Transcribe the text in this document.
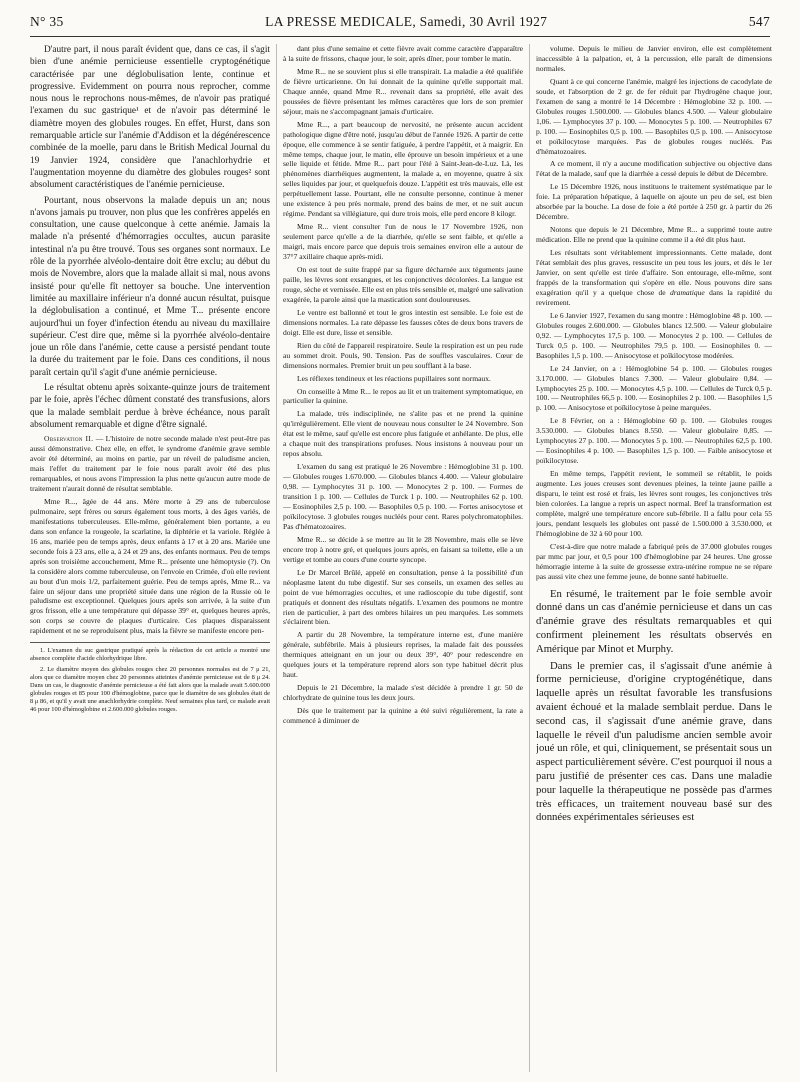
N° 35	LA PRESSE MEDICALE, Samedi, 30 Avril 1927	547

D'autre part, il nous paraît évident que, dans ce cas, il s'agit bien d'une anémie pernicieuse essentielle cryptogénétique caractérisée par une déglobulisation lente, continue et progressive. Evidemment on pourra nous reprocher, comme nous nous le reprochons nous-mêmes, de n'avoir pas pratiqué l'examen du suc gastrique¹ et de n'avoir pas déterminé le diamètre moyen des globules rouges. En effet, Hurst, dans son remarquable article sur l'anémie d'Addison et la dégénérescence combinée de la moelle, paru dans le British Medical Journal du 19 Janvier 1924, considère que l'anachlorhydrie et l'augmentation moyenne du diamètre des globules rouges² sont absolument caractéristiques de l'anémie pernicieuse.

Pourtant, nous observons la malade depuis un an; nous n'avons jamais pu trouver, non plus que les confrères appelés en consultation, une cause quelconque à cette anémie. Jamais la malade n'a présenté d'hémorragies occultes, aucun parasite intestinal n'a pu être trouvé. Tous ses organes sont normaux. Le rôle de la pyorrhée alvéolo-dentaire doit être exclu; au début du mois de Novembre, alors que la malade allait si mal, nous avons insisté pour qu'elle fît nettoyer sa bouche. Une intervention limitée au maxillaire inférieur n'a donné aucun résultat, puisque la déglobulisation a continué, et Mme T... présente encore aujourd'hui un foyer d'infection étendu au niveau du maxillaire supérieur. C'est dire que, même si la pyorrhée alvéolo-dentaire joue un rôle dans l'anémie, cette cause a persisté pendant toute la durée du traitement par le foie. Dans ces conditions, il nous paraît certain qu'il s'agit d'une anémie pernicieuse.

Le résultat obtenu après soixante-quinze jours de traitement par le foie, après l'échec dûment constaté des transfusions, alors que la malade semblait perdue à brève échéance, nous paraît absolument remarquable et digne d'être signalé.

Observation II. — L'histoire de notre seconde malade n'est peut-être pas aussi démonstrative. Chez elle, en effet, le syndrome d'anémie grave semble avoir été déterminé, au moins en partie, par un réveil de paludisme ancien, mais l'effet du traitement par le foie nous paraît avoir été des plus remarquables, et nous avons l'impression la plus nette qu'aucun autre mode de traitement n'aurait donné de résultat semblable.

Mme R..., âgée de 44 ans. Mère morte à 29 ans de tuberculose pulmonaire, sept frères ou sœurs également tous morts, à des âges variés, de manifestations tuberculeuses. Elle-même, généralement bien portante, a eu dans son enfance la rougeole, la scarlatine, la diphtérie et la variole. Réglée à 16 ans, mariée peu de temps après, deux enfants à 17 et à 20 ans. Mariée une seconde fois à 23 ans, elle a, à 24 et 29 ans, des enfants normaux. Peu de temps après son troisième accouchement, Mme R... présente une hémoptysie (?). On la considère alors comme tuberculeuse, on l'envoie en Crimée, d'où elle revient au bout d'un mois 1/2, parfaitement guérie. Peu de temps après, Mme R... va faire un séjour dans une propriété située dans une région de la Russie où le paludisme est exceptionnel. Quelques jours après son arrivée, à la suite d'un gros frisson, elle a une température qui dépasse 39° et, quelques heures après, son corps se couvre de plaques d'urticaire. Ces plaques disparaissent rapidement et ne se reproduisent plus, mais la fièvre se manifeste encore pen-

1. L'examen du suc gastrique pratiqué après la rédaction de cet article a montré une absence complète d'acide chlorhydrique libre.

2. Le diamètre moyen des globules rouges chez 20 personnes normales est de 7 μ 21, alors que ce diamètre moyen chez 20 personnes atteintes d'anémie pernicieuse est de 8 μ 24. Dans un cas, le diagnostic d'anémie pernicieuse a été fait alors que la malade avait 5.600.000 globules rouges et 85 pour 100 d'hémoglobine, parce que le diamètre de ses globules était de 8 μ 86, et qu'il y avait une anachlorhydrie complète. Neuf semaines plus tard, ce malade avait 46 pour 100 d'hémoglobine et 2.600.000 globules rouges.

dant plus d'une semaine et cette fièvre avait comme caractère d'apparaître à la suite de frissons, chaque jour, le soir, après dîner, pour tomber le matin.

Mme R... ne se souvient plus si elle transpirait. La maladie a été qualifiée de fièvre urticarienne. On lui donnait de la quinine qu'elle supportait mal. Chaque année, quand Mme R... revenait dans sa propriété, elle avait des poussées de fièvre présentant les mêmes caractères que lors de son premier séjour, mais ne s'accompagnant jamais d'urticaire.

Mme R..., a part beaucoup de nervosité, ne présente aucun accident pathologique digne d'être noté, jusqu'au début de l'année 1926. A partir de cette époque, elle commence à se sentir fatiguée, à perdre l'appétit, et à maigrir. En même temps, chaque jour, le matin, elle éprouve un besoin impérieux et a une selle liquide et fétide. Mme R... part pour l'été à Saint-Jean-de-Luz. Là, les phénomènes diarrhéiques augmentent, la malade a, en moyenne, quatre à six selles liquides par jour, et quelquefois douze. L'appétit est très mauvais, elle est perpétuellement lasse. Pourtant, elle ne consulte personne, continue à mener une existence à peu près normale, prend des bains de mer, et ne suit aucun régime. Pendant sa villégiature, qui dure trois mois, elle perd encore 8 kilogr.

Mme R... vient consulter l'un de nous le 17 Novembre 1926, non seulement parce qu'elle a de la diarrhée, qu'elle se sent faible, et qu'elle a maigri, mais encore parce que depuis trois semaines environ elle a autour de 37°7 axillaire chaque après-midi.

On est tout de suite frappé par sa figure décharnée aux téguments jaune paille, les lèvres sont exsangues, et les conjonctives décolorées. La langue est rouge, sèche et vernissée. Elle est en plus très sensible et, malgré une salivation exagérée, la parole ainsi que la mastication sont douloureuses.

Le ventre est ballonné et tout le gros intestin est sensible. Le foie est de dimensions normales. La rate dépasse les fausses côtes de deux bons travers de doigt. Elle est dure, lisse et sensible.

Rien du côté de l'appareil respiratoire. Seule la respiration est un peu rude au sommet droit. Pouls, 90. Tension. Pas de souffles vasculaires. Cœur de dimensions normales. Premier bruit un peu soufflant à la base.

Les réflexes tendineux et les réactions pupillaires sont normaux.

On conseille à Mme R... le repos au lit et un traitement symptomatique, en particulier la quinine.

La malade, très indisciplinée, ne s'alite pas et ne prend la quinine qu'irrégulièrement. Elle vient de nouveau nous consulter le 24 Novembre. Son état est le même, sauf qu'elle est encore plus fatiguée et anhélante. De plus, elle a chaque nuit des transpirations profuses. Nous insistons à nouveau pour un repos absolu.

L'examen du sang est pratiqué le 26 Novembre : Hémoglobine 31 p. 100. — Globules rouges 1.670.000. — Globules blancs 4.400. — Valeur globulaire 0,98. — Lymphocytes 31 p. 100. — Monocytes 2 p. 100. — Formes de transition 1 p. 100. — Cellules de Turck 1 p. 100. — Neutrophiles 62 p. 100. — Eosinophiles 2,5 p. 100. — Basophiles 0,5 p. 100. — Fortes anisocytose et poïkilocytose. 3 globules rouges nucléés pour cent. Rares polychromatophiles. Pas d'hématozoaires.

Mme R... se décide à se mettre au lit le 28 Novembre, mais elle se lève encore trop à notre gré, et quelques jours après, en faisant sa toilette, elle a un vertige et tombe au cours d'une courte syncope.

Le Dr Marcel Brûlé, appelé en consultation, pense à la possibilité d'un néoplasme latent du tube digestif. Sur ses conseils, un examen des selles au point de vue hémorragies occultes, et une radioscopie du tube digestif, sont pratiqués et donnent des résultats négatifs. L'examen des poumons ne montre rien de particulier, à part des ombres hilaires un peu marquées. Les sommets s'éclairent bien.

A partir du 28 Novembre, la température interne est, d'une manière générale, subfébrile. Mais à plusieurs reprises, la malade fait des poussées thermiques atteignant en un jour ou deux 39°, 40° pour redescendre en quelques jours et la température reprend alors son type habituel décrit plus haut.

Depuis le 21 Décembre, la malade s'est décidée à prendre 1 gr. 50 de chlorhydrate de quinine tous les deux jours.

Dès que le traitement par la quinine a été suivi régulièrement, la rate a commencé à diminuer de

volume. Depuis le milieu de Janvier environ, elle est complètement inaccessible à la palpation, et, à la percussion, elle paraît de dimensions normales.

Quant à ce qui concerne l'anémie, malgré les injections de cacodylate de soude, et l'absorption de 2 gr. de fer réduit par l'hydrogène chaque jour, l'examen de sang a montré le 14 Décembre : Hémoglobine 32 p. 100. — Globules rouges 1.500.000. — Globules blancs 4.500. — Valeur globulaire 1,06. — Lymphocytes 37 p. 100. — Monocytes 5 p. 100. — Neutrophiles 67 p. 100. — Eosinophiles 0,5 p. 100. — Basophiles 0,5 p. 100. — Anisocytose et poïkilocytose marquées. Pas de globules rouges nucléés. Pas d'hématozoaires.

A ce moment, il n'y a aucune modification subjective ou objective dans l'état de la malade, sauf que la diarrhée a cessé depuis le début de Décembre.

Le 15 Décembre 1926, nous instituons le traitement systématique par le foie. La préparation hépatique, à laquelle on ajoute un peu de sel, est bien absorbée par la bouche. La dose de foie a été portée à 250 gr. à partir du 26 Décembre.

Notons que depuis le 21 Décembre, Mme R... a supprimé toute autre médication. Elle ne prend que la quinine comme il a été dit plus haut.

Les résultats sont véritablement impressionnants. Cette malade, dont l'état semblait des plus graves, ressuscite un peu tous les jours, et dès le 1er Janvier, on sent qu'elle est tirée d'affaire. Son entourage, elle-même, sont frappés de la transformation qui s'opère en elle. Nous pouvons dire sans exagération qu'il y a quelque chose de dramatique dans la rapidité du revirement.

Le 6 Janvier 1927, l'examen du sang montre : Hémoglobine 48 p. 100. — Globules rouges 2.600.000. — Globules blancs 12.500. — Valeur globulaire 0,92. — Lymphocytes 17,5 p. 100. — Monocytes 2 p. 100. — Cellules de Turck 0,5 p. 100. — Neutrophiles 79,5 p. 100. — Eosinophiles 0. — Basophiles 1,5 p. 100. — Anisocytose et poïkilocytose modérées.

Le 24 Janvier, on a : Hémoglobine 54 p. 100. — Globules rouges 3.170.000. — Globules blancs 7.300. — Valeur globulaire 0,84. — Lymphocytes 25 p. 100. — Monocytes 4,5 p. 100. — Cellules de Turck 0,5 p. 100. — Neutrophiles 66,5 p. 100. — Eosinophiles 2 p. 100. — Basophiles 1,5 p. 100. — Anisocytose et poïkilocytose à peine marquées.

Le 8 Février, on a : Hémoglobine 60 p. 100. — Globules rouges 3.530.000. — Globules blancs 8.550. — Valeur globulaire 0,85. — Lymphocytes 27 p. 100. — Monocytes 5 p. 100. — Neutrophiles 62,5 p. 100. — Eosinophiles 4 p. 100. — Basophiles 1,5 p. 100. — Faible anisocytose et poïkilocytose.

En même temps, l'appétit revient, le sommeil se rétablit, le poids augmente. Les joues creuses sont devenues pleines, la teinte jaune paille a disparu, le teint est rosé et frais, les lèvres sont rouges, les conjonctives très bien colorées. La langue a repris un aspect normal. Bref la transformation est complète, malgré une température encore sub-fébrile. Il a fallu pour cela 55 jours, pendant lesquels les globules ont passé de 1.500.000 à 3.530.000, et l'hémoglobine de 32 à 60 pour 100.

C'est-à-dire que notre malade a fabriqué près de 37.000 globules rouges par mmc par jour, et 0,5 pour 100 d'hémoglobine par 24 heures. Une grosse hémorragie interne à la suite de grossesse extra-utérine rompue ne se répare pas aussi vite chez une femme jeune, de bonne santé habituelle.

En résumé, le traitement par le foie semble avoir donné dans un cas d'anémie pernicieuse et dans un cas d'anémie grave des résultats remarquables et qui confirment pleinement les résultats observés en Amérique par Minot et Murphy.

Dans le premier cas, il s'agissait d'une anémie à forme pernicieuse, d'origine cryptogénétique, dans laquelle après un résultat favorable les transfusions avaient échoué et la malade semblait perdue. Dans le second cas, il s'agissait d'une anémie grave, dans laquelle le réveil d'un paludisme ancien semble avoir joué un rôle, et qui, cliniquement, se présentait sous un aspect particulièrement sévère. C'est pourquoi il nous a paru justifié de présenter ces cas. Dans une maladie pour laquelle la thérapeutique ne possède pas d'armes très efficaces, un traitement nouveau basé sur des données expérimentales sérieuses est
